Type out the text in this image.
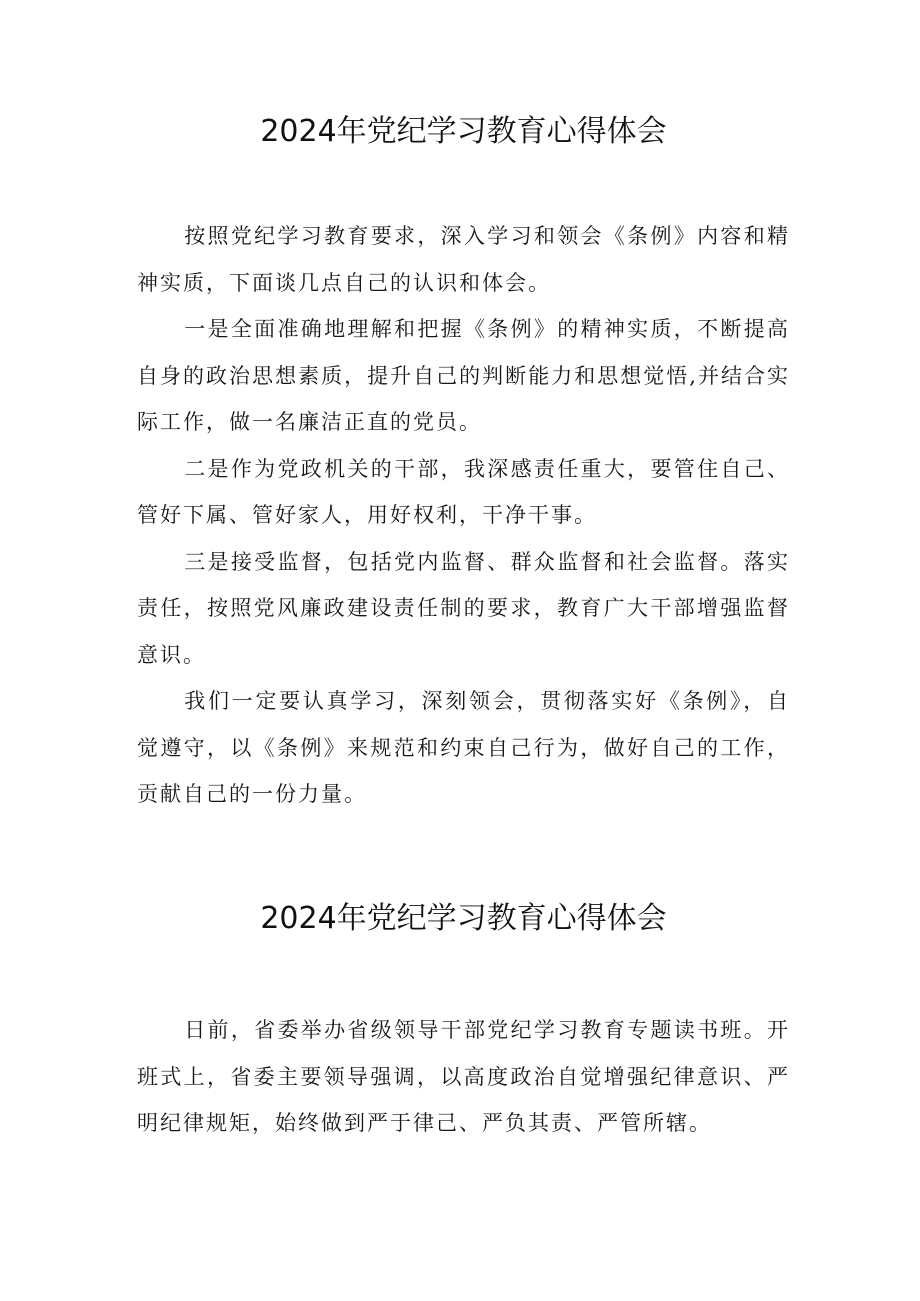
2024年党纪学习教育心得体会

按照党纪学习教育要求，深入学习和领会《条例》内容和精神实质，下面谈几点自己的认识和体会。

一是全面准确地理解和把握《条例》的精神实质，不断提高自身的政治思想素质，提升自己的判断能力和思想觉悟,并结合实际工作，做一名廉洁正直的党员。

二是作为党政机关的干部，我深感责任重大，要管住自己、管好下属、管好家人，用好权利，干净干事。

三是接受监督，包括党内监督、群众监督和社会监督。落实责任，按照党风廉政建设责任制的要求，教育广大干部增强监督意识。

我们一定要认真学习，深刻领会，贯彻落实好《条例》，自觉遵守，以《条例》来规范和约束自己行为，做好自己的工作，贡献自己的一份力量。

2024年党纪学习教育心得体会

日前，省委举办省级领导干部党纪学习教育专题读书班。开班式上，省委主要领导强调，以高度政治自觉增强纪律意识、严明纪律规矩，始终做到严于律己、严负其责、严管所辖。
